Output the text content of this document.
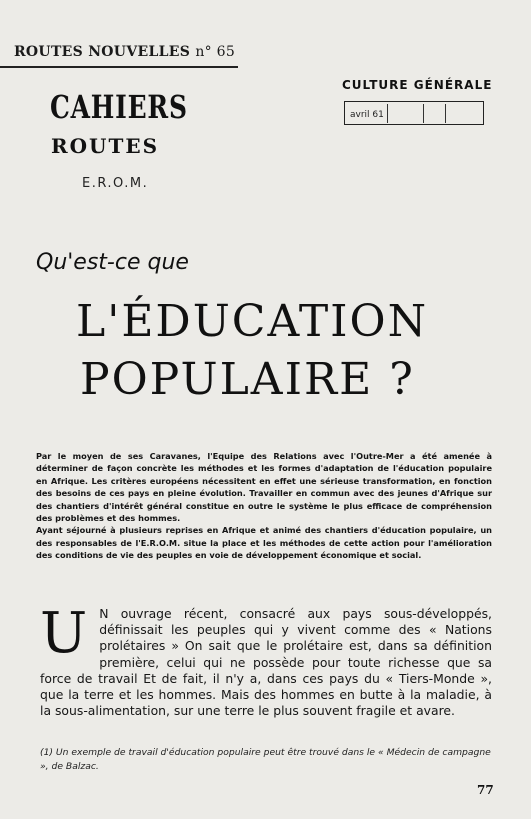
ROUTES NOUVELLES n° 65
CAHIERS
ROUTES
E.R.O.M.
CULTURE GÉNÉRALE
avril 61
Qu'est-ce que
L'ÉDUCATION
POPULAIRE ?

Par le moyen de ses Caravanes, l'Equipe des Relations avec l'Outre-Mer a été amenée à déterminer de façon concrète les méthodes et les formes d'adaptation de l'éducation populaire en Afrique. Les critères européens nécessitent en effet une sérieuse transformation, en fonction des besoins de ces pays en pleine évolution. Travailler en commun avec des jeunes d'Afrique sur des chantiers d'intérêt général constitue en outre le système le plus efficace de compréhension des problèmes et des hommes.

Ayant séjourné à plusieurs reprises en Afrique et animé des chantiers d'éducation populaire, un des responsables de l'E.R.O.M. situe la place et les méthodes de cette action pour l'amélioration des conditions de vie des peuples en voie de développement économique et social.

U N ouvrage récent, consacré aux pays sous-développés, définissait les peuples qui y vivent comme des « Nations prolétaires » On sait que le prolétaire est, dans sa définition première, celui qui ne possède pour toute richesse que sa force de travail Et de fait, il n'y a, dans ces pays du « Tiers-Monde », que la terre et les hommes. Mais des hommes en butte à la maladie, à la sous-alimentation, sur une terre le plus souvent fragile et avare.

(1) Un exemple de travail d'éducation populaire peut être trouvé dans le « Médecin de campagne », de Balzac.
77
